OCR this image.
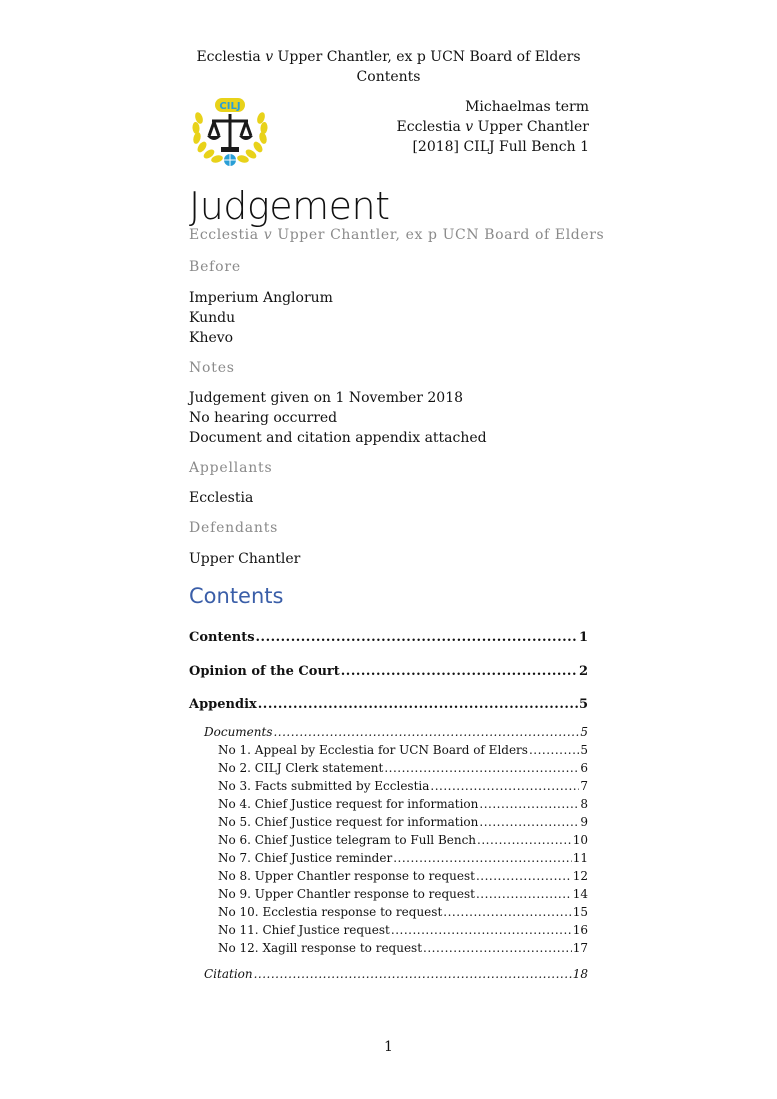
Ecclestia v Upper Chantler, ex p UCN Board of Elders
Contents
CILJ	Michaelmas term
Ecclestia v Upper Chantler
[2018] CILJ Full Bench 1
Judgement
Ecclestia v Upper Chantler, ex p UCN Board of Elders
Before
Imperium Anglorum
Kundu
Khevo
Notes
Judgement given on 1 November 2018
No hearing occurred
Document and citation appendix attached
Appellants
Ecclestia
Defendants
Upper Chantler
Contents
Contents .....	1
Opinion of the Court .....	2
Appendix .....	5
Documents .....	5
No 1. Appeal by Ecclestia for UCN Board of Elders .....	5
No 2. CILJ Clerk statement .....	6
No 3. Facts submitted by Ecclestia .....	7
No 4. Chief Justice request for information .....	8
No 5. Chief Justice request for information .....	9
No 6. Chief Justice telegram to Full Bench .....	10
No 7. Chief Justice reminder .....	11
No 8. Upper Chantler response to request .....	12
No 9. Upper Chantler response to request .....	14
No 10. Ecclestia response to request .....	15
No 11. Chief Justice request .....	16
No 12. Xagill response to request .....	17
Citation .....	18
1
